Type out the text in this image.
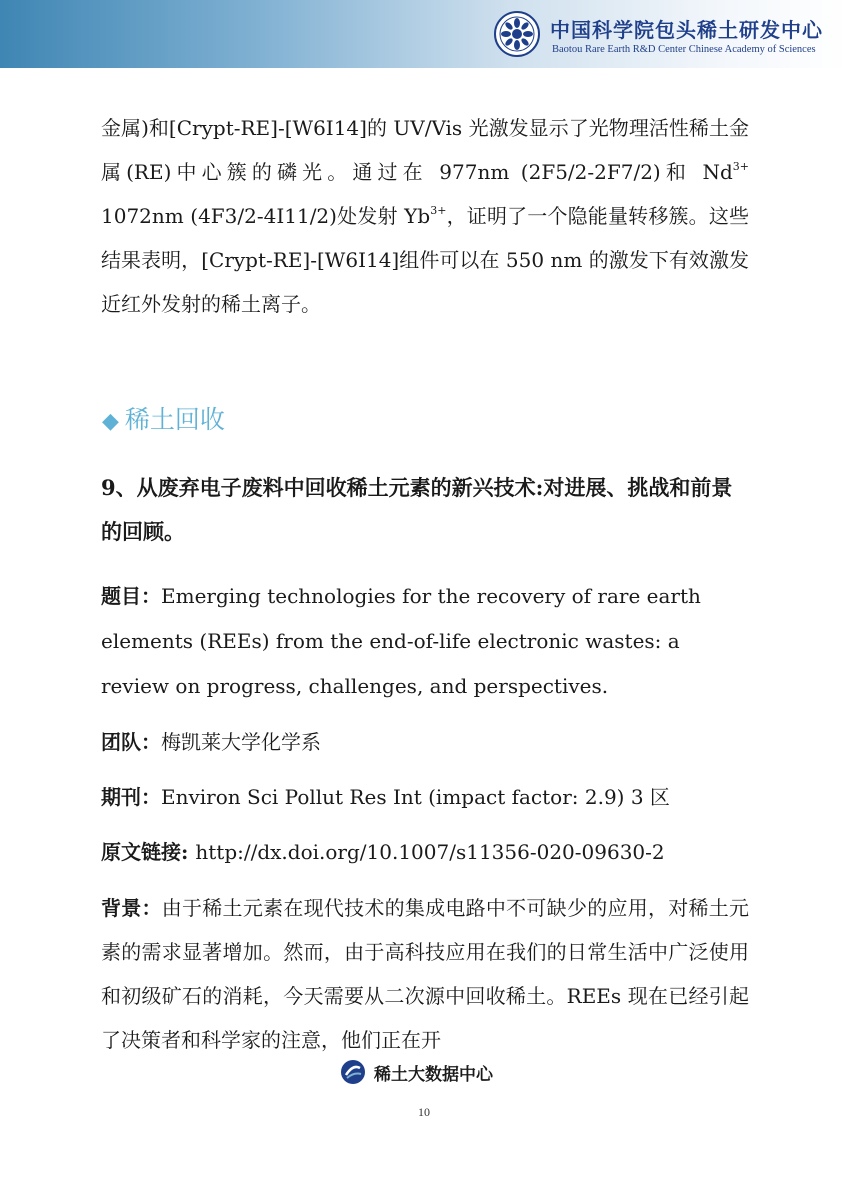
中国科学院包头稀土研发中心
Baotou Rare Earth R&D Center Chinese Academy of Sciences
金属)和[Crypt-RE]-[W6I14]的 UV/Vis 光激发显示了光物理活性稀土金属(RE)中心簇的磷光。通过在 977nm (2F5/2-2F7/2)和 $Nd^{3+}$ 1072nm (4F3/2-4I11/2)处发射 $Yb^{3+}$，证明了一个隐能量转移簇。这些结果表明，[Crypt-RE]-[W6I14]组件可以在 550 nm 的激发下有效激发近红外发射的稀土离子。
◆ 稀土回收
9、从废弃电子废料中回收稀土元素的新兴技术:对进展、挑战和前景的回顾。
题目：Emerging technologies for the recovery of rare earth elements (REEs) from the end-of-life electronic wastes: a review on progress, challenges, and perspectives.
团队：梅凯莱大学化学系
期刊：Environ Sci Pollut Res Int (impact factor: 2.9) 3 区
原文链接: http://dx.doi.org/10.1007/s11356-020-09630-2
背景：由于稀土元素在现代技术的集成电路中不可缺少的应用，对稀土元素的需求显著增加。然而，由于高科技应用在我们的日常生活中广泛使用和初级矿石的消耗，今天需要从二次源中回收稀土。REEs 现在已经引起了决策者和科学家的注意，他们正在开
稀土大数据中心
10
